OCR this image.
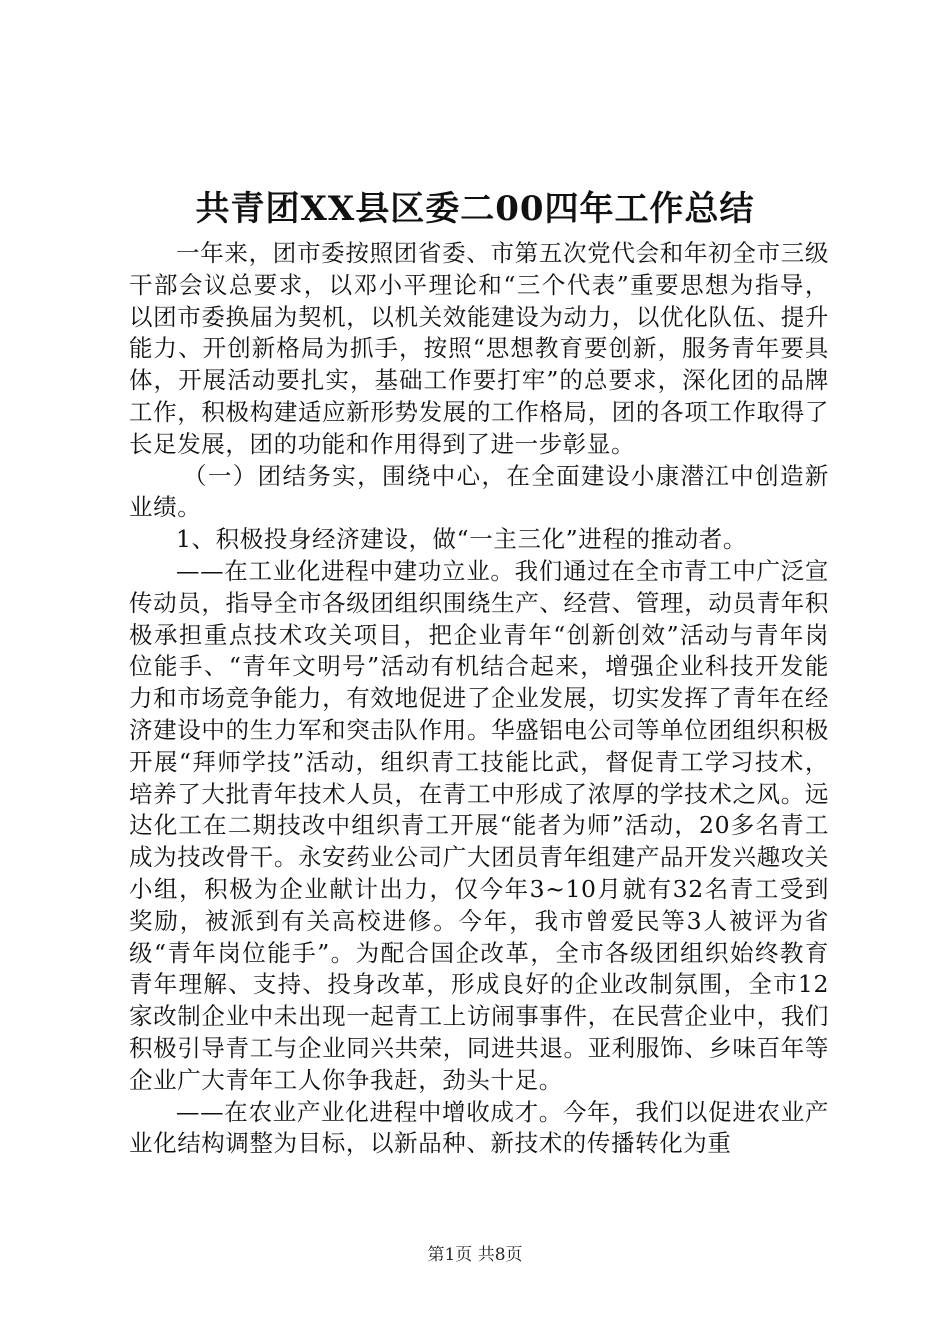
共青团XX县区委二00四年工作总结

一年来，团市委按照团省委、市第五次党代会和年初全市三级干部会议总要求，以邓小平理论和“三个代表”重要思想为指导，以团市委换届为契机，以机关效能建设为动力，以优化队伍、提升能力、开创新格局为抓手，按照“思想教育要创新，服务青年要具体，开展活动要扎实，基础工作要打牢”的总要求，深化团的品牌工作，积极构建适应新形势发展的工作格局，团的各项工作取得了长足发展，团的功能和作用得到了进一步彰显。

（一）团结务实，围绕中心，在全面建设小康潜江中创造新业绩。

1、积极投身经济建设，做“一主三化”进程的推动者。

——在工业化进程中建功立业。我们通过在全市青工中广泛宣传动员，指导全市各级团组织围绕生产、经营、管理，动员青年积极承担重点技术攻关项目，把企业青年“创新创效”活动与青年岗位能手、“青年文明号”活动有机结合起来，增强企业科技开发能力和市场竞争能力，有效地促进了企业发展，切实发挥了青年在经济建设中的生力军和突击队作用。华盛铝电公司等单位团组织积极开展“拜师学技”活动，组织青工技能比武，督促青工学习技术，培养了大批青年技术人员，在青工中形成了浓厚的学技术之风。远达化工在二期技改中组织青工开展“能者为师”活动，20多名青工成为技改骨干。永安药业公司广大团员青年组建产品开发兴趣攻关小组，积极为企业献计出力，仅今年3~10月就有32名青工受到奖励，被派到有关高校进修。今年，我市曾爱民等3人被评为省级“青年岗位能手”。为配合国企改革，全市各级团组织始终教育青年理解、支持、投身改革，形成良好的企业改制氛围，全市12家改制企业中未出现一起青工上访闹事事件，在民营企业中，我们积极引导青工与企业同兴共荣，同进共退。亚利服饰、乡味百年等企业广大青年工人你争我赶，劲头十足。

——在农业产业化进程中增收成才。今年，我们以促进农业产业化结构调整为目标，以新品种、新技术的传播转化为重

第1页 共8页
